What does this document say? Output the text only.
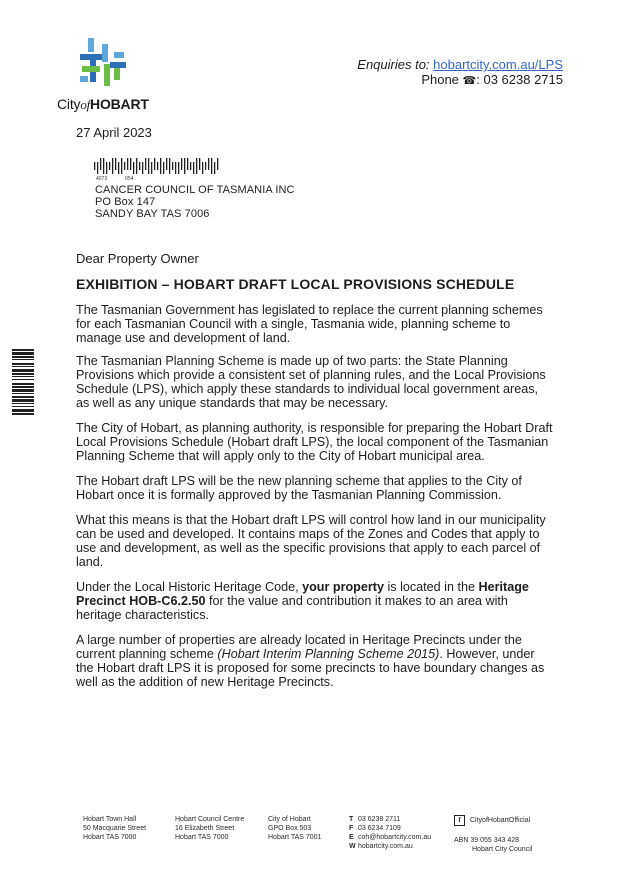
CityofHOBART
Enquiries to: hobartcity.com.au/LPS
Phone ☎: 03 6238 2715
27 April 2023
4073	054
CANCER COUNCIL OF TASMANIA INC
PO Box 147
SANDY BAY TAS 7006
Dear Property Owner
EXHIBITION – HOBART DRAFT LOCAL PROVISIONS SCHEDULE

The Tasmanian Government has legislated to replace the current planning schemes for each Tasmanian Council with a single, Tasmania wide, planning scheme to manage use and development of land.

The Tasmanian Planning Scheme is made up of two parts: the State Planning Provisions which provide a consistent set of planning rules, and the Local Provisions Schedule (LPS), which apply these standards to individual local government areas, as well as any unique standards that may be necessary.

The City of Hobart, as planning authority, is responsible for preparing the Hobart Draft Local Provisions Schedule (Hobart draft LPS), the local component of the Tasmanian Planning Scheme that will apply only to the City of Hobart municipal area.

The Hobart draft LPS will be the new planning scheme that applies to the City of Hobart once it is formally approved by the Tasmanian Planning Commission.

What this means is that the Hobart draft LPS will control how land in our municipality can be used and developed. It contains maps of the Zones and Codes that apply to use and development, as well as the specific provisions that apply to each parcel of land.

Under the Local Historic Heritage Code, your property is located in the Heritage Precinct HOB-C6.2.50 for the value and contribution it makes to an area with heritage characteristics.

A large number of properties are already located in Heritage Precincts under the current planning scheme (Hobart Interim Planning Scheme 2015). However, under the Hobart draft LPS it is proposed for some precincts to have boundary changes as well as the addition of new Heritage Precincts.

Hobart Town Hall
50 Macquarie Street
Hobart TAS 7000
Hobart Council Centre
16 Elizabeth Street
Hobart TAS 7000
City of Hobart
GPO Box 503
Hobart TAS 7001
T 03 6238 2711
F 03 6234 7109
E coh@hobartcity.com.au
W hobartcity.com.au
f	CityofHobartOfficial
ABN 39 055 343 428
Hobart City Council
